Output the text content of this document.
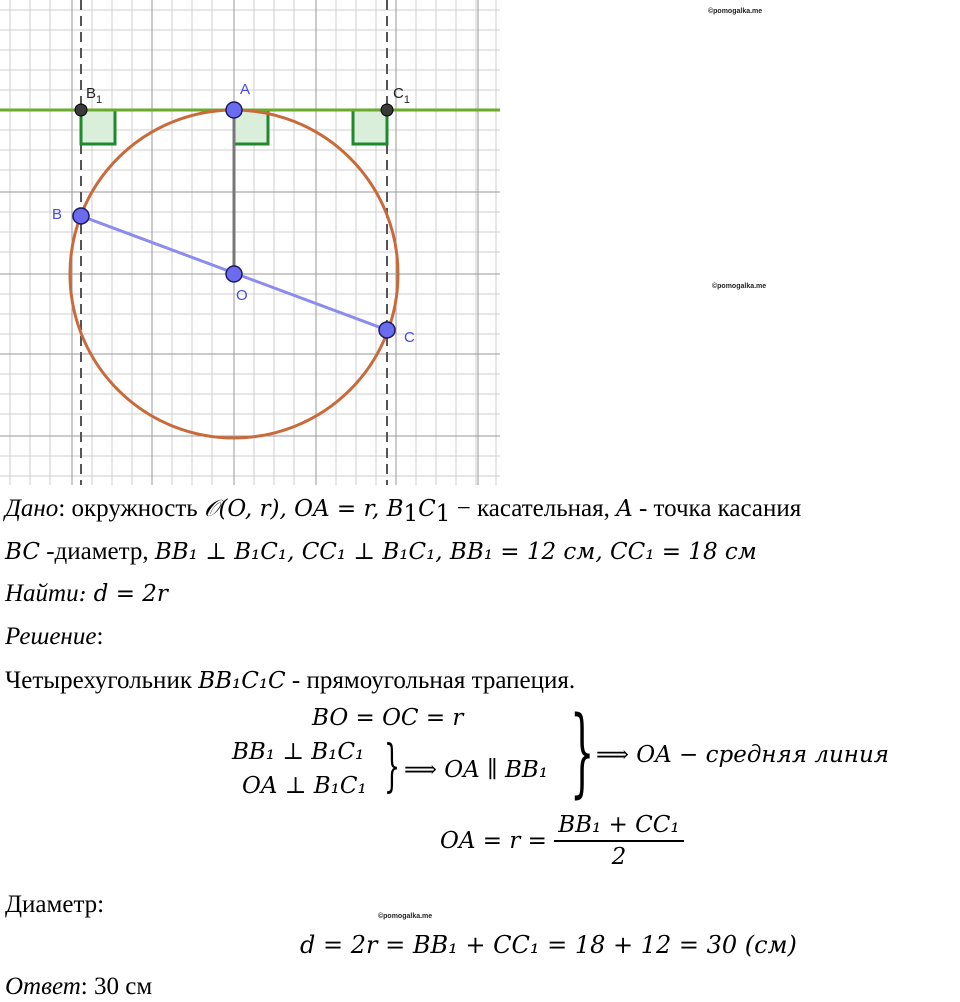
©pomogalka.me
©pomogalka.me
©pomogalka.me
$B_1$
A	$C_1$
B
O
C
Дано: окружность 𝒪(O, r), OA = r, $B_1C_1$ − касательная, A - точка касания
BC -диаметр, BB₁ ⊥ B₁C₁, CC₁ ⊥ B₁C₁, BB₁ = 12 см, CC₁ = 18 см
Найти: d = 2r
Решение:
Четырехугольник BB₁C₁C - прямоугольная трапеция.
BO = OC = r
BB₁ ⊥ B₁C₁
OA ⊥ B₁C₁ } ⟹ OA ∥ BB₁ } ⟹ OA − средняя линия
OA = $r = \frac{\text{BB₁ + CC₁}}{2}$
Диаметр:
d = 2r = BB₁ + CC₁ = 18 + 12 = 30 (см)
Ответ: 30 см
